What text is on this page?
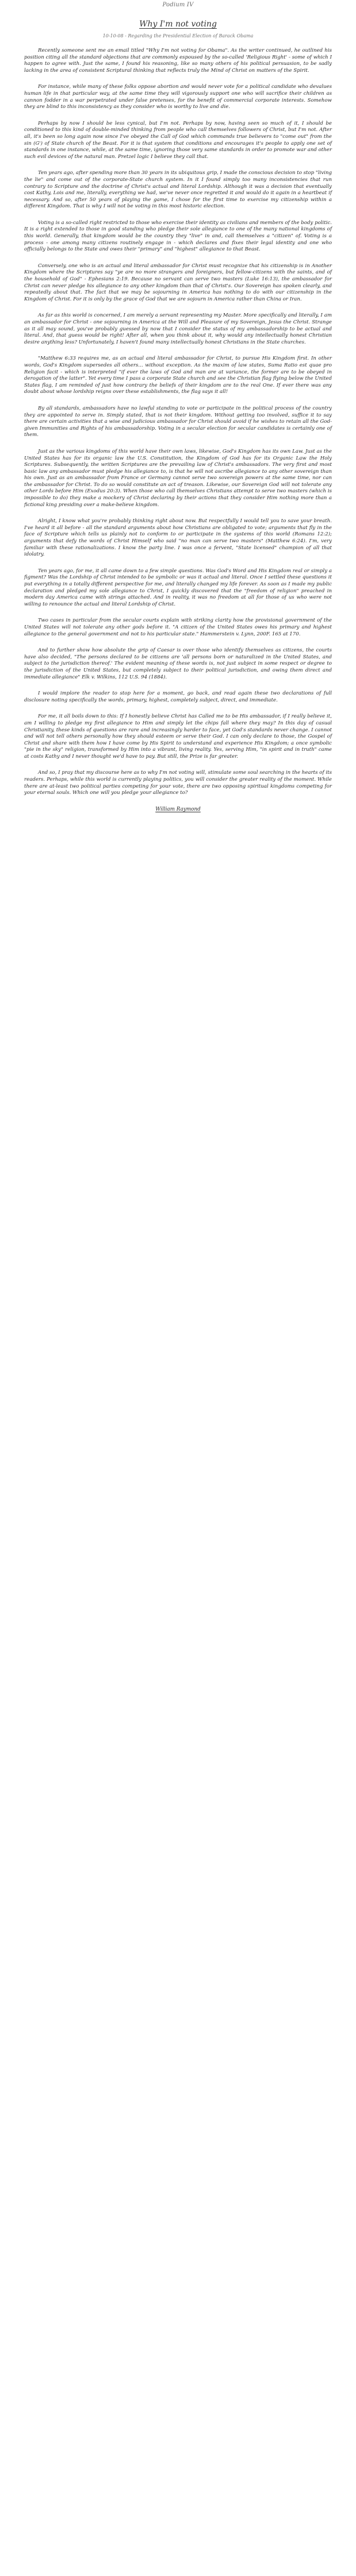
Podium IV
Why I'm not voting
10-10-08 - Regarding the Presidential Election of Barack Obama

Recently someone sent me an email titled "Why I'm not voting for Obama". As the writer continued, he outlined his position citing all the standard objections that are commonly espoused by the so-called 'Religious Right' - some of which I happen to agree with. Just the same, I found his reasoning, like so many others of his political persuasion, to be sadly lacking in the area of consistent Scriptural thinking that reflects truly the Mind of Christ on matters of the Spirit.

For instance, while many of these folks oppose abortion and would never vote for a political candidate who devalues human life in that particular way, at the same time they will vigorously support one who will sacrifice their children as cannon fodder in a war perpetrated under false pretenses, for the benefit of commercial corporate interests. Somehow they are blind to this inconsistency as they consider who is worthy to live and die.

Perhaps by now I should be less cynical, but I'm not. Perhaps by now, having seen so much of it, I should be conditioned to this kind of double-minded thinking from people who call themselves followers of Christ, but I'm not. After all, it's been so long again now since I've obeyed the Call of God which commands true believers to "come out" from the sin (G') of State church of the Beast. For it is that system that conditions and encourages it's people to apply one set of standards in one instance, while, at the same time, ignoring those very same standards in order to promote war and other such evil devices of the natural man. Pretzel logic I believe they call that.

Ten years ago, after spending more than 30 years in its ubiquitous grip, I made the conscious decision to stop "living the lie" and come out of the corporate-State church system. In it I found simply too many inconsistencies that run contrary to Scripture and the doctrine of Christ's actual and literal Lordship. Although it was a decision that eventually cost Kathy, Lois and me, literally, everything we had, we've never once regretted it and would do it again in a heartbeat if necessary. And so, after 50 years of playing the game, I chose for the first time to exercise my citizenship within a different Kingdom. That is why I will not be voting in this most historic election.

Voting is a so-called right restricted to those who exercise their identity as civilians and members of the body politic. It is a right extended to those in good standing who pledge their sole allegiance to one of the many national kingdoms of this world. Generally, that kingdom would be the country they "live" in and, call themselves a "citizen" of. Voting is a process - one among many citizens routinely engage in - which declares and fixes their legal identity and one who officially belongs to the State and owes their "primary" and "highest" allegiance to that Beast.

Conversely, one who is an actual and literal ambassador for Christ must recognize that his citizenship is in Another Kingdom where the Scriptures say "ye are no more strangers and foreigners, but fellow-citizens with the saints, and of the household of God" - Ephesians 2:19. Because no servant can serve two masters (Luke 16:13), the ambassador for Christ can never pledge his allegiance to any other kingdom than that of Christ's. Our Sovereign has spoken clearly, and repeatedly about that. The fact that we may be sojourning in America has nothing to do with our citizenship in the Kingdom of Christ. For it is only by the grace of God that we are sojourn in America rather than China or Iran.

As far as this world is concerned, I am merely a servant representing my Master. More specifically and literally, I am an ambassador for Christ - one sojourning in America at the Will and Pleasure of my Sovereign, Jesus the Christ. Strange as it all may sound, you've probably guessed by now that I consider the status of my ambassadorship to be actual and literal. And, that guess would be right! After all, when you think about it, why would any intellectually honest Christian desire anything less? Unfortunately, I haven't found many intellectually honest Christians in the State churches.

"Matthew 6:33 requires me, as an actual and literal ambassador for Christ, to pursue His Kingdom first. In other words, God's Kingdom supersedes all others... without exception. As the maxim of law states, Suma Ratio est quae pro Religion facit - which is interpreted "if ever the laws of God and man are at variance, the former are to be obeyed in derogation of the latter". Yet every time I pass a corporate State church and see the Christian flag flying below the United States flag, I am reminded of just how contrary the beliefs of their kingdom are to the real One. If ever there was any doubt about whose lordship reigns over these establishments, the flag says it all!

By all standards, ambassadors have no lawful standing to vote or participate in the political process of the country they are appointed to serve in. Simply stated, that is not their kingdom. Without getting too involved, suffice it to say there are certain activities that a wise and judicious ambassador for Christ should avoid if he wishes to retain all the God-given Immunities and Rights of his ambassadorship. Voting in a secular election for secular candidates is certainly one of them.

Just as the various kingdoms of this world have their own laws, likewise, God's Kingdom has its own Law. Just as the United States has for its organic law the U.S. Constitution, the Kingdom of God has for its Organic Law the Holy Scriptures. Subsequently, the written Scriptures are the prevailing law of Christ's ambassadors. The very first and most basic law any ambassador must pledge his allegiance to, is that he will not ascribe allegiance to any other sovereign than his own. Just as an ambassador from France or Germany cannot serve two sovereign powers at the same time, nor can the ambassador for Christ. To do so would constitute an act of treason. Likewise, our Sovereign God will not tolerate any other Lords before Him (Exodus 20:3). When those who call themselves Christians attempt to serve two masters (which is impossible to do) they make a mockery of Christ declaring by their actions that they consider Him nothing more than a fictional king presiding over a make-believe kingdom.

Alright, I know what you're probably thinking right about now. But respectfully I would tell you to save your breath. I've heard it all before - all the standard arguments about how Christians are obligated to vote; arguments that fly in the face of Scripture which tells us plainly not to conform to or participate in the systems of this world (Romans 12:2); arguments that defy the words of Christ Himself who said "no man can serve two masters" (Matthew 6:24). I'm, very familiar with these rationalizations. I know the party line. I was once a fervent, "State licensed" champion of all that idolatry.

Ten years ago, for me, it all came down to a few simple questions. Was God's Word and His Kingdom real or simply a figment? Was the Lordship of Christ intended to be symbolic or was it actual and literal. Once I settled these questions it put everything in a totally different perspective for me, and literally changed my life forever. As soon as I made my public declaration and pledged my sole allegiance to Christ, I quickly discovered that the "freedom of religion" preached in modern day America came with strings attached. And in reality, it was no freedom at all for those of us who were not willing to renounce the actual and literal Lordship of Christ.

Two cases in particular from the secular courts explain with striking clarity how the provisional government of the United States will not tolerate any other gods before it. "A citizen of the United States owes his primary and highest allegiance to the general government and not to his particular state." Hammerstein v. Lynn, 200F. 165 at 170.

And to further show how absolute the grip of Caesar is over those who identify themselves as citizens, the courts have also decided, "The persons declared to be citizens are 'all persons born or naturalized in the United States, and subject to the jurisdiction thereof.' The evident meaning of these words is, not just subject in some respect or degree to the jurisdiction of the United States, but completely subject to their political jurisdiction, and owing them direct and immediate allegiance" Elk v. Wilkins, 112 U.S. 94 (1884).

I would implore the reader to stop here for a moment, go back, and read again these two declarations of full disclosure noting specifically the words, primary, highest, completely subject, direct, and immediate.

For me, it all boils down to this: If I honestly believe Christ has Called me to be His ambassador, if I really believe it, am I willing to pledge my first allegiance to Him and simply let the chips fall where they may? In this day of casual Christianity, these kinds of questions are rare and increasingly harder to face, yet God's standards never change. I cannot and will not tell others personally how they should esteem or serve their God. I can only declare to those, the Gospel of Christ and share with them how I have come by His Spirit to understand and experience His Kingdom; a once symbolic "pie in the sky" religion, transformed by Him into a vibrant, living reality. Yes, serving Him, "in spirit and in truth" came at costs Kathy and I never thought we'd have to pay. But still, the Prize is far greater.

And so, I pray that my discourse here as to why I'm not voting will, stimulate some soul searching in the hearts of its readers. Perhaps, while this world is currently playing politics, you will consider the greater reality of the moment. While there are at-least two political parties competing for your vote, there are two opposing spiritual kingdoms competing for your eternal souls. Which one will you pledge your allegiance to?

William Raymond
